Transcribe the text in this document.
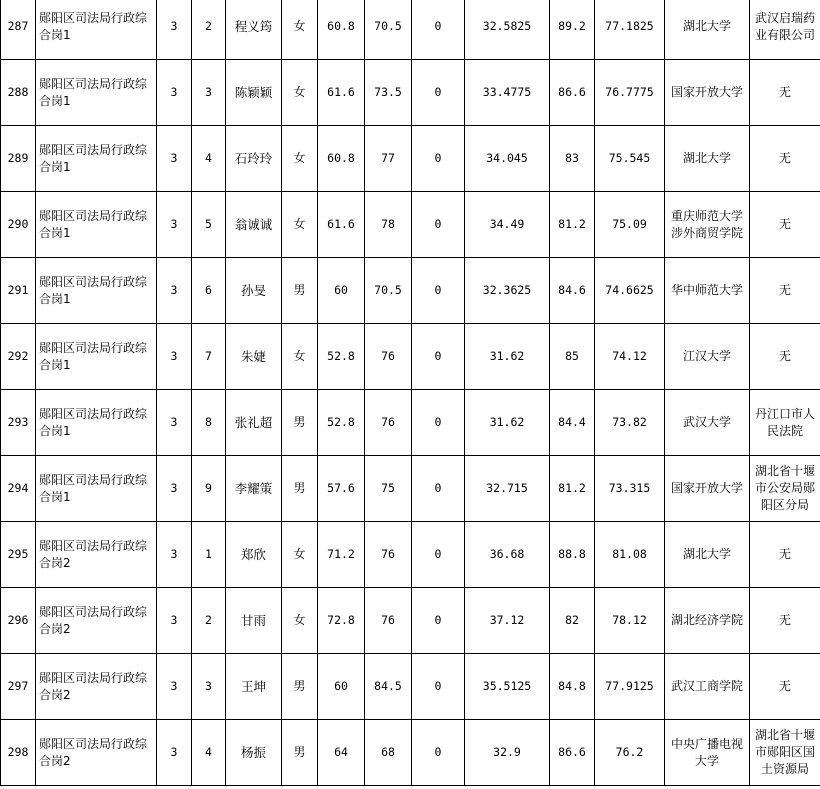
287	郧阳区司法局行政综合岗1	3	2	程义筠	女	60.8	70.5	0	32.5825	89.2	77.1825	湖北大学	武汉启瑞药业有限公司
288	郧阳区司法局行政综合岗1	3	3	陈颖颖	女	61.6	73.5	0	33.4775	86.6	76.7775	国家开放大学	无
289	郧阳区司法局行政综合岗1	3	4	石玲玲	女	60.8	77	0	34.045	83	75.545	湖北大学	无
290	郧阳区司法局行政综合岗1	3	5	翁诚诚	女	61.6	78	0	34.49	81.2	75.09	重庆师范大学涉外商贸学院	无
291	郧阳区司法局行政综合岗1	3	6	孙旻	男	60	70.5	0	32.3625	84.6	74.6625	华中师范大学	无
292	郧阳区司法局行政综合岗1	3	7	朱婕	女	52.8	76	0	31.62	85	74.12	江汉大学	无
293	郧阳区司法局行政综合岗1	3	8	张礼超	男	52.8	76	0	31.62	84.4	73.82	武汉大学	丹江口市人民法院
294	郧阳区司法局行政综合岗1	3	9	李耀策	男	57.6	75	0	32.715	81.2	73.315	国家开放大学	湖北省十堰市公安局郧阳区分局
295	郧阳区司法局行政综合岗2	3	1	郑欣	女	71.2	76	0	36.68	88.8	81.08	湖北大学	无
296	郧阳区司法局行政综合岗2	3	2	甘雨	女	72.8	76	0	37.12	82	78.12	湖北经济学院	无
297	郧阳区司法局行政综合岗2	3	3	王坤	男	60	84.5	0	35.5125	84.8	77.9125	武汉工商学院	无
298	郧阳区司法局行政综合岗2	3	4	杨振	男	64	68	0	32.9	86.6	76.2	中央广播电视大学	湖北省十堰市郧阳区国土资源局
